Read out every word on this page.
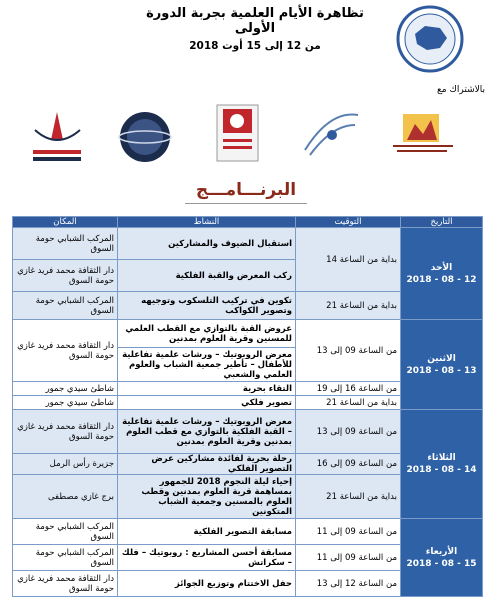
تظاهرة الأيام العلمية بجربة الدورة الأولى
من 12 إلى 15 أوت 2018
بالاشتراك مع
البرنـــامـــج
التاريخ	التوقيت	النشاط	المكان

الأحد
2018 - 08 - 12	بداية من الساعة 14	استقبال الضيوف والمشاركين	المركب الشبابي حومة السوق
		ركب المعرض والقبة الفلكية	دار الثقافة محمد فريد غازي حومة السوق
	بداية من الساعة 21	تكوين في تركيب التلسكوب وتوجيهه وتصوير الكواكب	المركب الشبابي حومة السوق

الاثنين
2018 - 08 - 13	من الساعة 09 إلى 13	عروض القبة بالتوازي مع القطب العلمي للمسنين وقرية العلوم بمدنين	دار الثقافة محمد فريد غازي حومة السوق
		معرض الروبوتيك – ورشات علمية تفاعلية للأطفال – تأطير جمعية الشباب والعلوم العلمي والشعبي	
	من الساعة 16 إلى 19	التقاء بحرية	شاطئ سيدي جمور
	بداية من الساعة 21	تصوير فلكي	شاطئ سيدي جمور

الثلاثاء
2018 - 08 - 14	من الساعة 09 إلى 13	معرض الروبوتيك – ورشات علمية تفاعلية – القبة الفلكية بالتوازي مع قطب العلوم بمدنين وقرية العلوم بمدنين	دار الثقافة محمد فريد غازي حومة السوق
	من الساعة 09 إلى 16	رحلة بحرية لفائدة مشاركين عرض التصوير الفلكي	جزيرة رأس الرمل
	بداية من الساعة 21	إحياء ليلة النجوم 2018 للجمهور بمساهمة قرية العلوم بمدنين وقطب العلوم بالمسنين وجمعية الشباب المتكونين	برج غازي مصطفى

الأربعاء
2018 - 08 - 15	من الساعة 09 إلى 11	مسابقة التصوير الفلكية	المركب الشبابي حومة السوق
	من الساعة 09 إلى 11	مسابقة أحسن المشاريع : روبوتيك – فلك – سكراتش	المركب الشبابي حومة السوق
	من الساعة 12 إلى 13	حفل الاختتام وتوزيع الجوائز	دار الثقافة محمد فريد غازي حومة السوق
